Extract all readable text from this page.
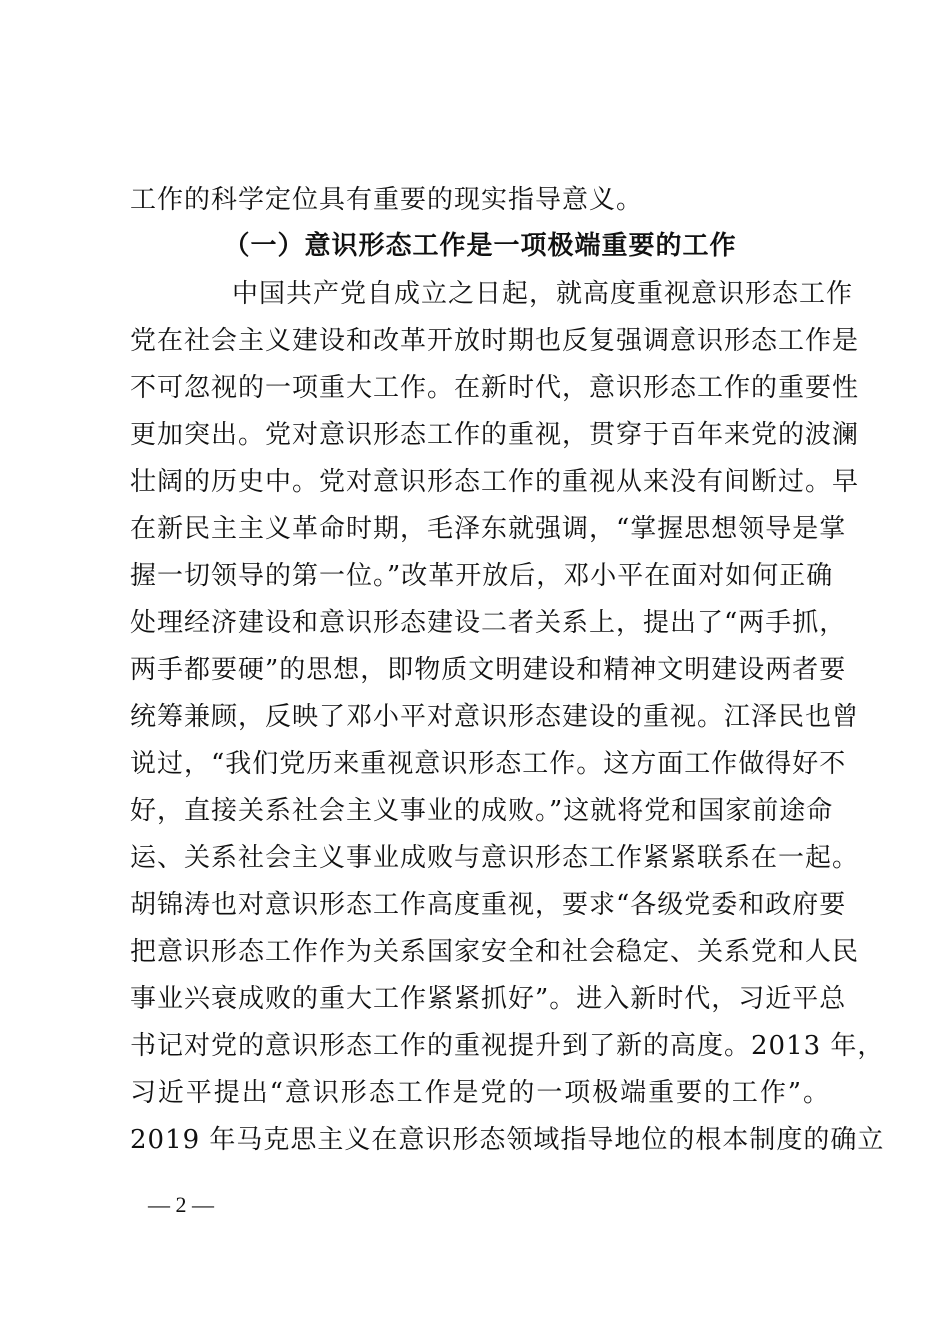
工作的科学定位具有重要的现实指导意义。
（一）意识形态工作是一项极端重要的工作
中国共产党自成立之日起，就高度重视意识形态工作
党在社会主义建设和改革开放时期也反复强调意识形态工作是
不可忽视的一项重大工作。在新时代，意识形态工作的重要性
更加突出。党对意识形态工作的重视，贯穿于百年来党的波澜
壮阔的历史中。党对意识形态工作的重视从来没有间断过。早
在新民主主义革命时期，毛泽东就强调，“掌握思想领导是掌
握一切领导的第一位。”改革开放后，邓小平在面对如何正确
处理经济建设和意识形态建设二者关系上，提出了“两手抓，
两手都要硬”的思想，即物质文明建设和精神文明建设两者要
统筹兼顾，反映了邓小平对意识形态建设的重视。江泽民也曾
说过，“我们党历来重视意识形态工作。这方面工作做得好不
好，直接关系社会主义事业的成败。”这就将党和国家前途命
运、关系社会主义事业成败与意识形态工作紧紧联系在一起。
胡锦涛也对意识形态工作高度重视，要求“各级党委和政府要
把意识形态工作作为关系国家安全和社会稳定、关系党和人民
事业兴衰成败的重大工作紧紧抓好”。进入新时代，习近平总
书记对党的意识形态工作的重视提升到了新的高度。2013 年，
习近平提出“意识形态工作是党的一项极端重要的工作”。
2019 年马克思主义在意识形态领域指导地位的根本制度的确立
— 2 —
